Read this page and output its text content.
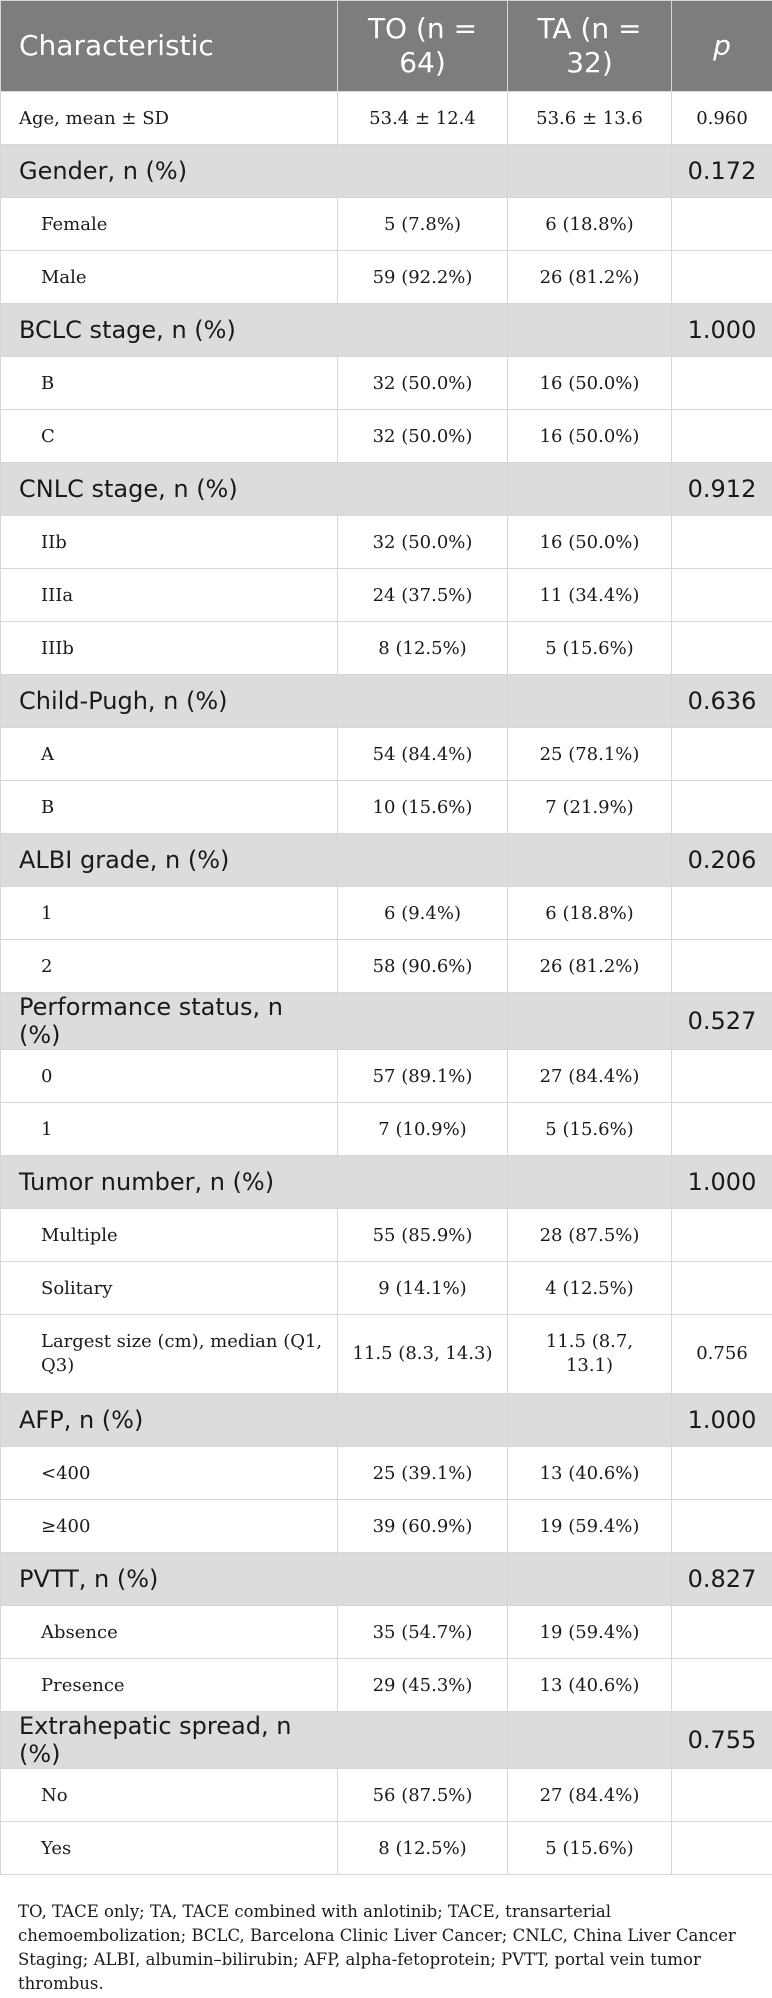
Characteristic	TO (n = 64)	TA (n = 32)	p
Age, mean ± SD	53.4 ± 12.4	53.6 ± 13.6	0.960
Gender, n (%)			0.172
Female	5 (7.8%)	6 (18.8%)	
Male	59 (92.2%)	26 (81.2%)	
BCLC stage, n (%)			1.000
B	32 (50.0%)	16 (50.0%)	
C	32 (50.0%)	16 (50.0%)	
CNLC stage, n (%)			0.912
IIb	32 (50.0%)	16 (50.0%)	
IIIa	24 (37.5%)	11 (34.4%)	
IIIb	8 (12.5%)	5 (15.6%)	
Child-Pugh, n (%)			0.636
A	54 (84.4%)	25 (78.1%)	
B	10 (15.6%)	7 (21.9%)	
ALBI grade, n (%)			0.206
1	6 (9.4%)	6 (18.8%)	
2	58 (90.6%)	26 (81.2%)	
Performance status, n (%)			0.527
0	57 (89.1%)	27 (84.4%)	
1	7 (10.9%)	5 (15.6%)	
Tumor number, n (%)			1.000
Multiple	55 (85.9%)	28 (87.5%)	
Solitary	9 (14.1%)	4 (12.5%)	
Largest size (cm), median (Q1, Q3)	11.5 (8.3, 14.3)	11.5 (8.7, 13.1)	0.756
AFP, n (%)			1.000
<400	25 (39.1%)	13 (40.6%)	
≥400	39 (60.9%)	19 (59.4%)	
PVTT, n (%)			0.827
Absence	35 (54.7%)	19 (59.4%)	
Presence	29 (45.3%)	13 (40.6%)	
Extrahepatic spread, n (%)			0.755
No	56 (87.5%)	27 (84.4%)	
Yes	8 (12.5%)	5 (15.6%)	
TO, TACE only; TA, TACE combined with anlotinib; TACE, transarterial chemoembolization; BCLC, Barcelona Clinic Liver Cancer; CNLC, China Liver Cancer Staging; ALBI, albumin–bilirubin; AFP, alpha-fetoprotein; PVTT, portal vein tumor thrombus.
